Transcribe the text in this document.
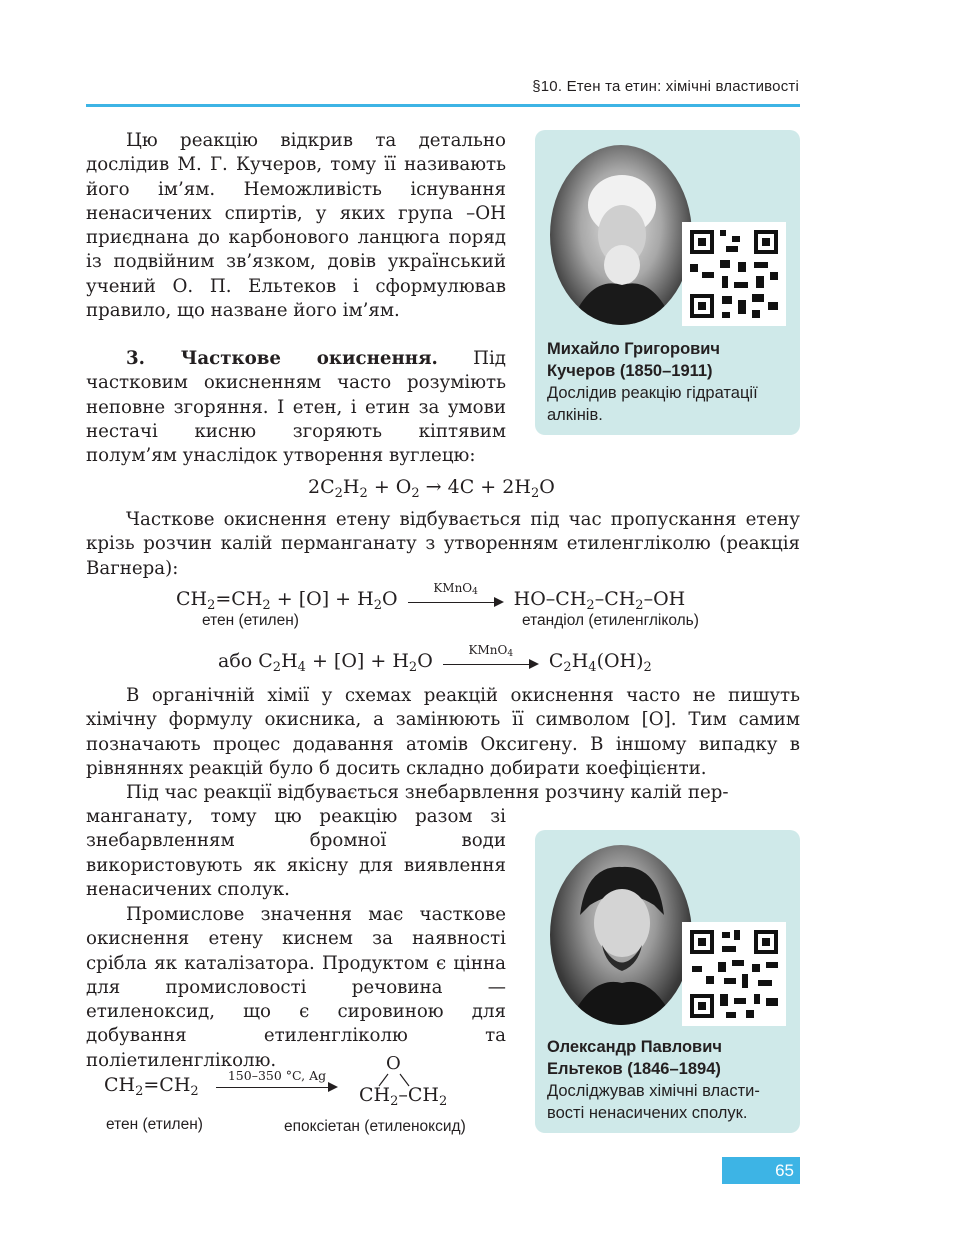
§10. Етен та етин: хімічні властивості

Цю реакцію відкрив та детально дослідив М. Г. Кучеров, тому її називають його ім’ям. Неможливість існування ненасичених спиртів, у яких група –OH приєднана до карбонового ланцюга поряд із подвійним зв’язком, довів український учений О. П. Ельтеков і сформулював правило, що назване його ім’ям.

3. Часткове окиснення. Під частковим окисненням часто розуміють неповне згоряння. І етен, і етин за умови нестачі кисню згоряють кіптявим полум’ям унаслідок утворення вуглецю:

$2C_2H_2 + O_2 \to 4C + 2H_2O$

Часткове окиснення етену відбувається під час пропускання етену крізь розчин калій перманганату з утворенням етиленгліколю (реакція Вагнера):

$CH_2=CH_2 + [O] + H_2O$	KMnO$_4$	$HO-CH_2-CH_2-OH$
етен (етилен)	етандіол (етиленгліколь)
або $C_2H_4 + [O] + H_2O$	KMnO$_4$	$C_2H_4(OH)_2$

В органічній хімії у схемах реакцій окиснення часто не пишуть хімічну формулу окисника, а замінюють її символом [O]. Тим самим позначають процес додавання атомів Оксигену. В іншому випадку в рівняннях реакцій було б досить складно добирати коефіцієнти.

Під час реакції відбувається знебарвлення розчину калій пер-

манганату, тому цю реакцію разом зі знебарвленням бромної води використовують як якісну для виявлення ненасичених сполук.

Промислове значення має часткове окиснення етену киснем за наявності срібла як каталізатора. Продуктом є цінна для промисловості речовина — етиленоксид, що є сировиною для добування етиленгліколю та поліетиленгліколю.

$CH_2=CH_2$
150–350 °C, Ag
O
$CH_2-CH_2$
етен (етилен)	епоксіетан (етиленоксид)
Михайло Григорович
Кучеров (1850–1911)
Дослідив реакцію гідратації
алкінів.
Олександр Павлович
Ельтеков (1846–1894)
Досліджував хімічні власти-
вості ненасичених сполук.
65
